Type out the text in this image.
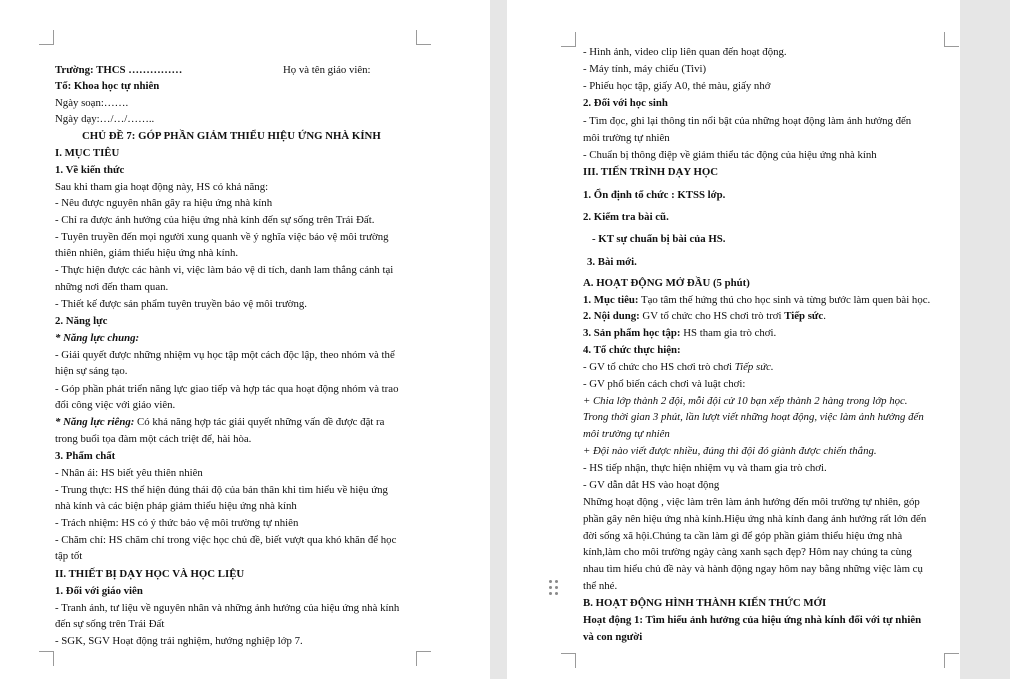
Trường: THCS ……………	Họ và tên giáo viên:
Tổ: Khoa học tự nhiên
Ngày soạn:…….
Ngày dạy:…/…/……..
CHỦ ĐỀ 7: GÓP PHẦN GIẢM THIỂU HIỆU ỨNG NHÀ KÍNH
I. MỤC TIÊU
1. Về kiến thức
Sau khi tham gia hoạt động này, HS có khả năng:
- Nêu được nguyên nhân gây ra hiệu ứng nhà kính
- Chỉ ra được ảnh hưởng của hiệu ứng nhà kính đến sự sống trên Trái Đất.
- Tuyên truyền đến mọi người xung quanh về ý nghĩa việc bảo vệ môi trường
thiên nhiên, giảm thiểu hiệu ứng nhà kính.
- Thực hiện được các hành vi, việc làm bảo vệ di tích, danh lam thắng cảnh tại
những nơi đến tham quan.
- Thiết kế được sản phẩm tuyên truyền bảo vệ môi trường.
2. Năng lực
* Năng lực chung:
- Giải quyết được những nhiệm vụ học tập một cách độc lập, theo nhóm và thể
hiện sự sáng tạo.
- Góp phần phát triển năng lực giao tiếp và hợp tác qua hoạt động nhóm và trao
đổi công việc với giáo viên.
* Năng lực riêng: Có khả năng hợp tác giải quyết những vấn đề được đặt ra
trong buổi tọa đàm một cách triệt để, hài hòa.
3. Phẩm chất
- Nhân ái: HS biết yêu thiên nhiên
- Trung thực: HS thể hiện đúng thái độ của bản thân khi tìm hiểu về hiệu ứng
nhà kính và các biện pháp giảm thiểu hiệu ứng nhà kính
- Trách nhiệm: HS có ý thức bảo vệ môi trường tự nhiên
- Chăm chỉ: HS chăm chỉ trong việc học chủ đề, biết vượt qua khó khăn để học
tập tốt
II. THIẾT BỊ DẠY HỌC VÀ HỌC LIỆU
1. Đối với giáo viên
- Tranh ảnh, tư liệu về nguyên nhân và những ảnh hưởng của hiệu ứng nhà kính
đến sự sống trên Trái Đất
- SGK, SGV Hoạt động trải nghiệm, hướng nghiệp lớp 7.
- Hình ảnh, video clip liên quan đến hoạt động.
- Máy tính, máy chiếu (Tivi)
- Phiếu học tập, giấy A0, thẻ màu, giấy nhớ
2. Đối với học sinh
- Tìm đọc, ghi lại thông tin nổi bật của những hoạt động làm ảnh hưởng đến
môi trường tự nhiên
- Chuẩn bị thông điệp về giảm thiểu tác động của hiệu ứng nhà kính
III. TIẾN TRÌNH DẠY HỌC
1. Ổn định tổ chức : KTSS lớp.
2. Kiểm tra bài cũ.
- KT sự chuẩn bị bài của HS.
3. Bài mới.
A. HOẠT ĐỘNG MỞ ĐẦU (5 phút)
1. Mục tiêu: Tạo tâm thế hứng thú cho học sinh và từng bước làm quen bài học.
2. Nội dung: GV tổ chức cho HS chơi trò trơi Tiếp sức.
3. Sản phẩm học tập: HS tham gia trò chơi.
4. Tổ chức thực hiện:
- GV tổ chức cho HS chơi trò chơi Tiếp sức.
- GV phổ biến cách chơi và luật chơi:
+ Chia lớp thành 2 đội, mỗi đội cử 10 bạn xếp thành 2 hàng trong lớp học.
Trong thời gian 3 phút, lần lượt viết những hoạt động, việc làm ảnh hưởng đến
môi trường tự nhiên
+ Đội nào viết được nhiều, đúng thì đội đó giành được chiến thắng.
- HS tiếp nhận, thực hiện nhiệm vụ và tham gia trò chơi.
- GV dẫn dắt HS vào hoạt động
Những hoạt động , việc làm trên làm ảnh hưởng đến môi trường tự nhiên, góp
phần gây nên hiệu ứng nhà kính.Hiệu ứng nhà kính đang ảnh hưởng rất lớn đến
đời sống xã hội.Chúng ta cần làm gì để góp phần giảm thiểu hiệu ứng nhà
kính,làm cho môi trường ngày càng xanh sạch đẹp? Hôm nay chúng ta cùng
nhau tìm hiểu chủ đề này và hành động ngay hôm nay bằng những việc làm cụ
thể nhé.
B. HOẠT ĐỘNG HÌNH THÀNH KIẾN THỨC MỚI
Hoạt động 1: Tìm hiểu ảnh hưởng của hiệu ứng nhà kính đối với tự nhiên
và con người
